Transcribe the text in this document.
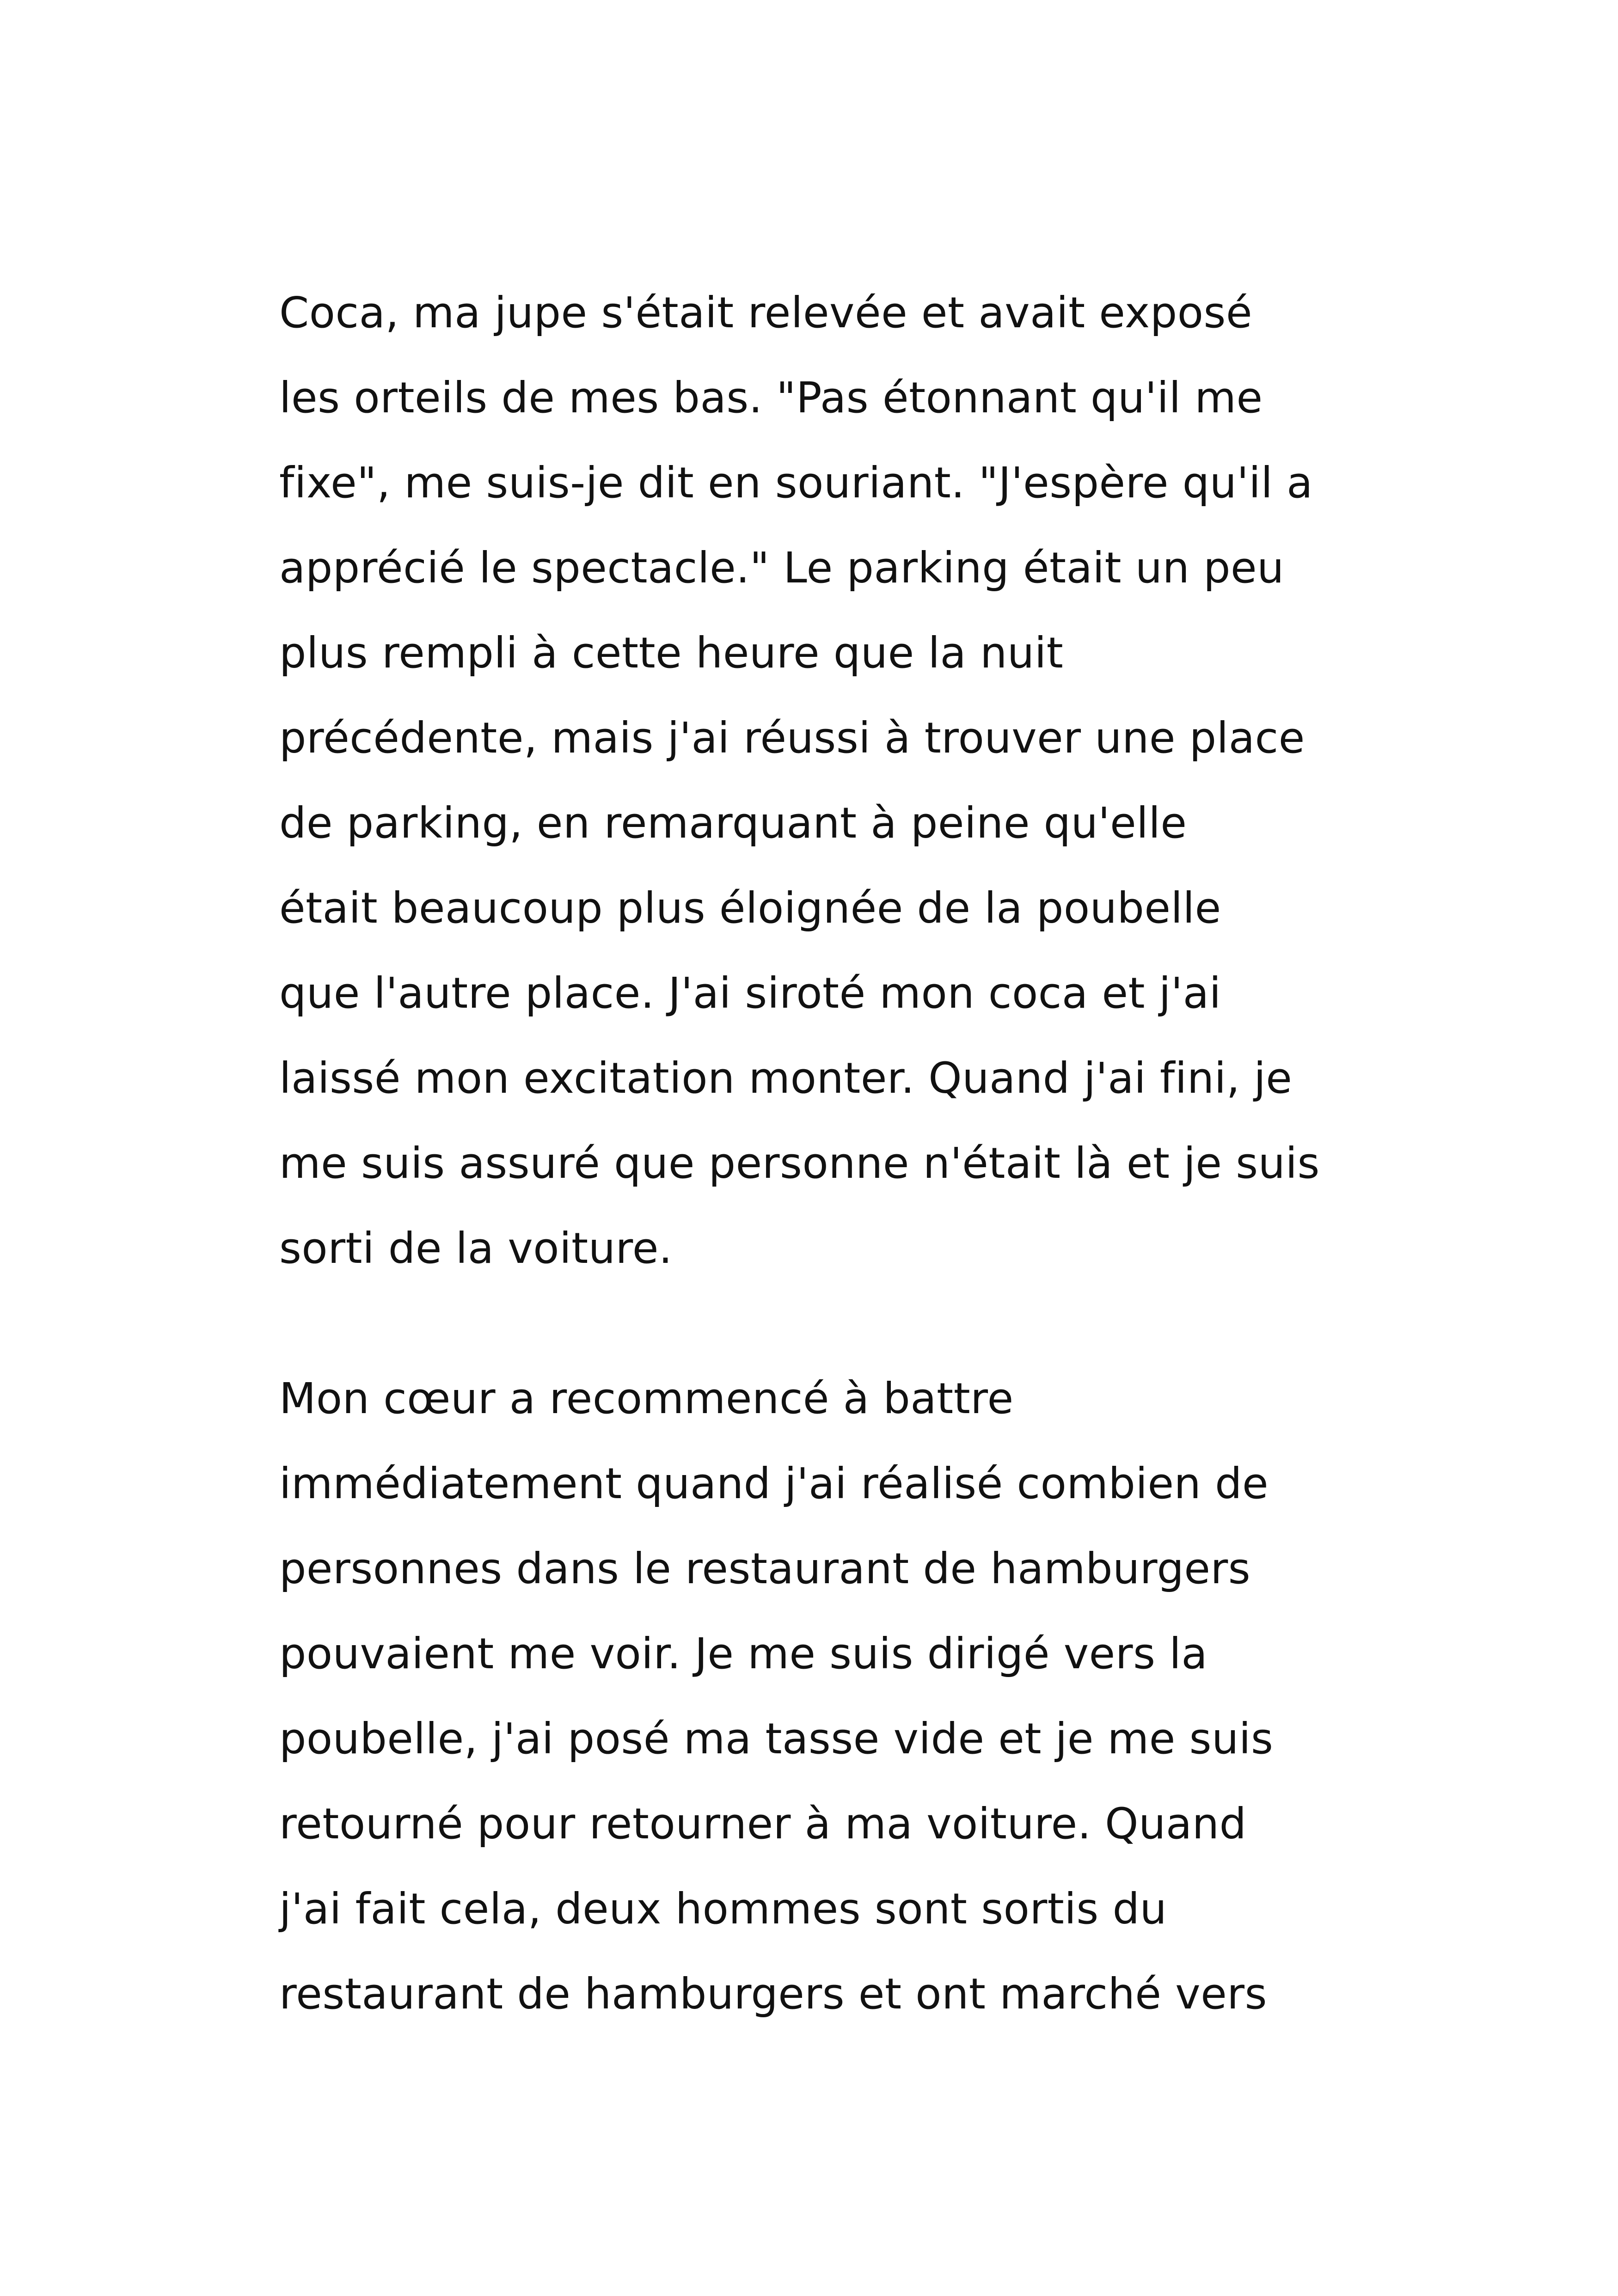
Coca, ma jupe s'était relevée et avait exposé
les orteils de mes bas. "Pas étonnant qu'il me
fixe", me suis-je dit en souriant. "J'espère qu'il a
apprécié le spectacle." Le parking était un peu
plus rempli à cette heure que la nuit
précédente, mais j'ai réussi à trouver une place
de parking, en remarquant à peine qu'elle
était beaucoup plus éloignée de la poubelle
que l'autre place. J'ai siroté mon coca et j'ai
laissé mon excitation monter. Quand j'ai fini, je
me suis assuré que personne n'était là et je suis
sorti de la voiture.
Mon cœur a recommencé à battre
immédiatement quand j'ai réalisé combien de
personnes dans le restaurant de hamburgers
pouvaient me voir. Je me suis dirigé vers la
poubelle, j'ai posé ma tasse vide et je me suis
retourné pour retourner à ma voiture. Quand
j'ai fait cela, deux hommes sont sortis du
restaurant de hamburgers et ont marché vers
